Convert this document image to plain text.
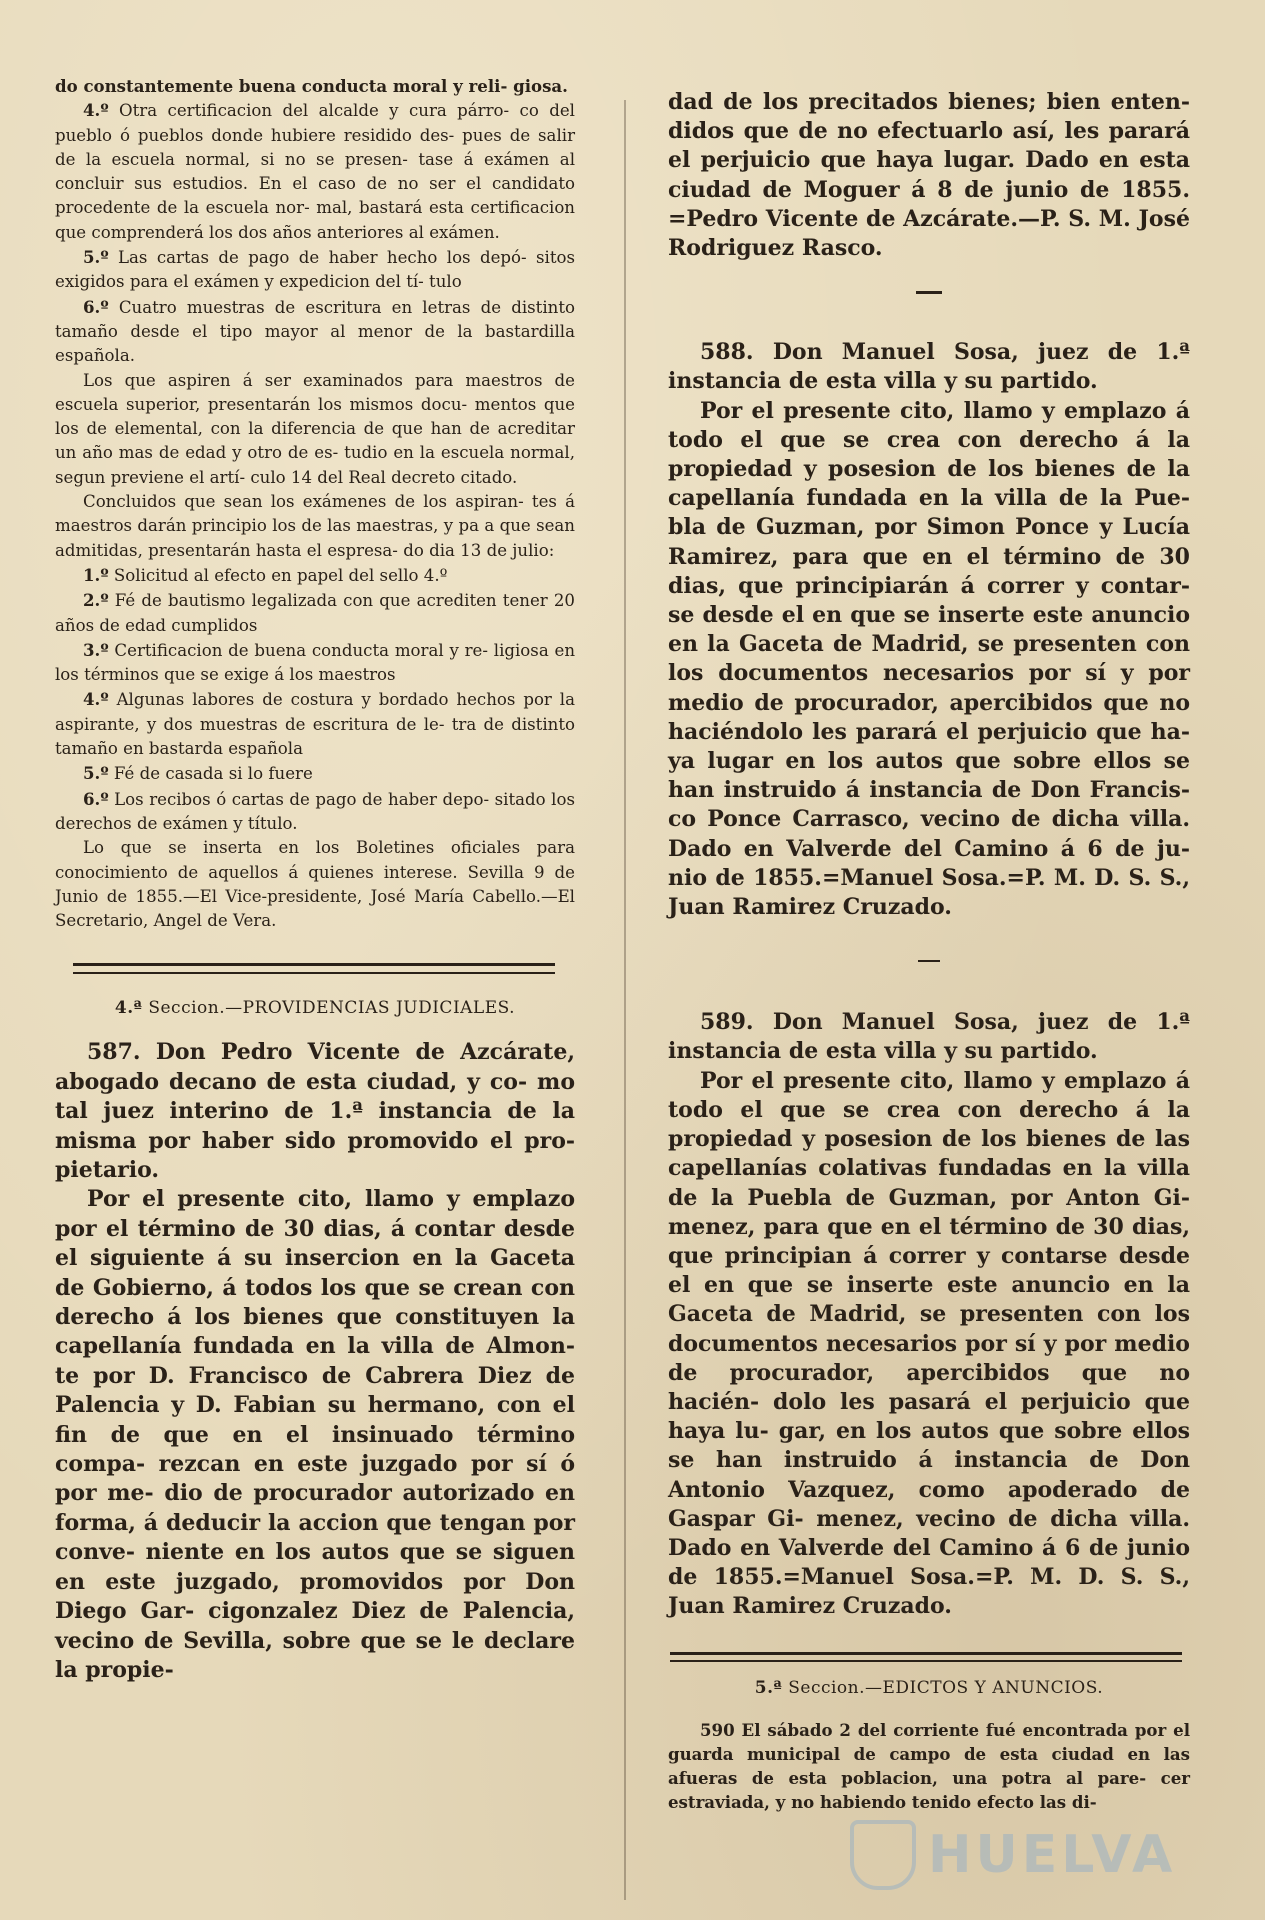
do constantemente buena conducta moral y reli- giosa.

4.º Otra certificacion del alcalde y cura párro- co del pueblo ó pueblos donde hubiere residido des- pues de salir de la escuela normal, si no se presen- tase á exámen al concluir sus estudios. En el caso de no ser el candidato procedente de la escuela nor- mal, bastará esta certificacion que comprenderá los dos años anteriores al exámen.

5.º Las cartas de pago de haber hecho los depó- sitos exigidos para el exámen y expedicion del tí- tulo

6.º Cuatro muestras de escritura en letras de distinto tamaño desde el tipo mayor al menor de la bastardilla española.

Los que aspiren á ser examinados para maestros de escuela superior, presentarán los mismos docu- mentos que los de elemental, con la diferencia de que han de acreditar un año mas de edad y otro de es- tudio en la escuela normal, segun previene el artí- culo 14 del Real decreto citado.

Concluidos que sean los exámenes de los aspiran- tes á maestros darán principio los de las maestras, y pa a que sean admitidas, presentarán hasta el espresa- do dia 13 de julio:

1.º Solicitud al efecto en papel del sello 4.º

2.º Fé de bautismo legalizada con que acrediten tener 20 años de edad cumplidos

3.º Certificacion de buena conducta moral y re- ligiosa en los términos que se exige á los maestros

4.º Algunas labores de costura y bordado hechos por la aspirante, y dos muestras de escritura de le- tra de distinto tamaño en bastarda española

5.º Fé de casada si lo fuere

6.º Los recibos ó cartas de pago de haber depo- sitado los derechos de exámen y título.

Lo que se inserta en los Boletines oficiales para conocimiento de aquellos á quienes interese. Sevilla 9 de Junio de 1855.—El Vice-presidente, José María Cabello.—El Secretario, Angel de Vera.

4.ª Seccion.—PROVIDENCIAS JUDICIALES.

587. Don Pedro Vicente de Azcárate, abogado decano de esta ciudad, y co- mo tal juez interino de 1.ª instancia de la misma por haber sido promovido el pro- pietario.

Por el presente cito, llamo y emplazo por el término de 30 dias, á contar desde el siguiente á su insercion en la Gaceta de Gobierno, á todos los que se crean con derecho á los bienes que constituyen la capellanía fundada en la villa de Almon- te por D. Francisco de Cabrera Diez de Palencia y D. Fabian su hermano, con el fin de que en el insinuado término compa- rezcan en este juzgado por sí ó por me- dio de procurador autorizado en forma, á deducir la accion que tengan por conve- niente en los autos que se siguen en este juzgado, promovidos por Don Diego Gar- cigonzalez Diez de Palencia, vecino de Sevilla, sobre que se le declare la propie-

dad de los precitados bienes; bien enten- didos que de no efectuarlo así, les parará el perjuicio que haya lugar. Dado en esta ciudad de Moguer á 8 de junio de 1855. =Pedro Vicente de Azcárate.—P. S. M. José Rodriguez Rasco.

588. Don Manuel Sosa, juez de 1.ª instancia de esta villa y su partido.

Por el presente cito, llamo y emplazo á todo el que se crea con derecho á la propiedad y posesion de los bienes de la capellanía fundada en la villa de la Pue- bla de Guzman, por Simon Ponce y Lucía Ramirez, para que en el término de 30 dias, que principiarán á correr y contar- se desde el en que se inserte este anuncio en la Gaceta de Madrid, se presenten con los documentos necesarios por sí y por medio de procurador, apercibidos que no haciéndolo les parará el perjuicio que ha- ya lugar en los autos que sobre ellos se han instruido á instancia de Don Francis- co Ponce Carrasco, vecino de dicha villa. Dado en Valverde del Camino á 6 de ju- nio de 1855.=Manuel Sosa.=P. M. D. S. S., Juan Ramirez Cruzado.

589. Don Manuel Sosa, juez de 1.ª instancia de esta villa y su partido.

Por el presente cito, llamo y emplazo á todo el que se crea con derecho á la propiedad y posesion de los bienes de las capellanías colativas fundadas en la villa de la Puebla de Guzman, por Anton Gi- menez, para que en el término de 30 dias, que principian á correr y contarse desde el en que se inserte este anuncio en la Gaceta de Madrid, se presenten con los documentos necesarios por sí y por medio de procurador, apercibidos que no hacién- dolo les pasará el perjuicio que haya lu- gar, en los autos que sobre ellos se han instruido á instancia de Don Antonio Vazquez, como apoderado de Gaspar Gi- menez, vecino de dicha villa. Dado en Valverde del Camino á 6 de junio de 1855.=Manuel Sosa.=P. M. D. S. S., Juan Ramirez Cruzado.

5.ª Seccion.—EDICTOS Y ANUNCIOS.

590 El sábado 2 del corriente fué encontrada por el guarda municipal de campo de esta ciudad en las afueras de esta poblacion, una potra al pare- cer estraviada, y no habiendo tenido efecto las di-

HUELVA
